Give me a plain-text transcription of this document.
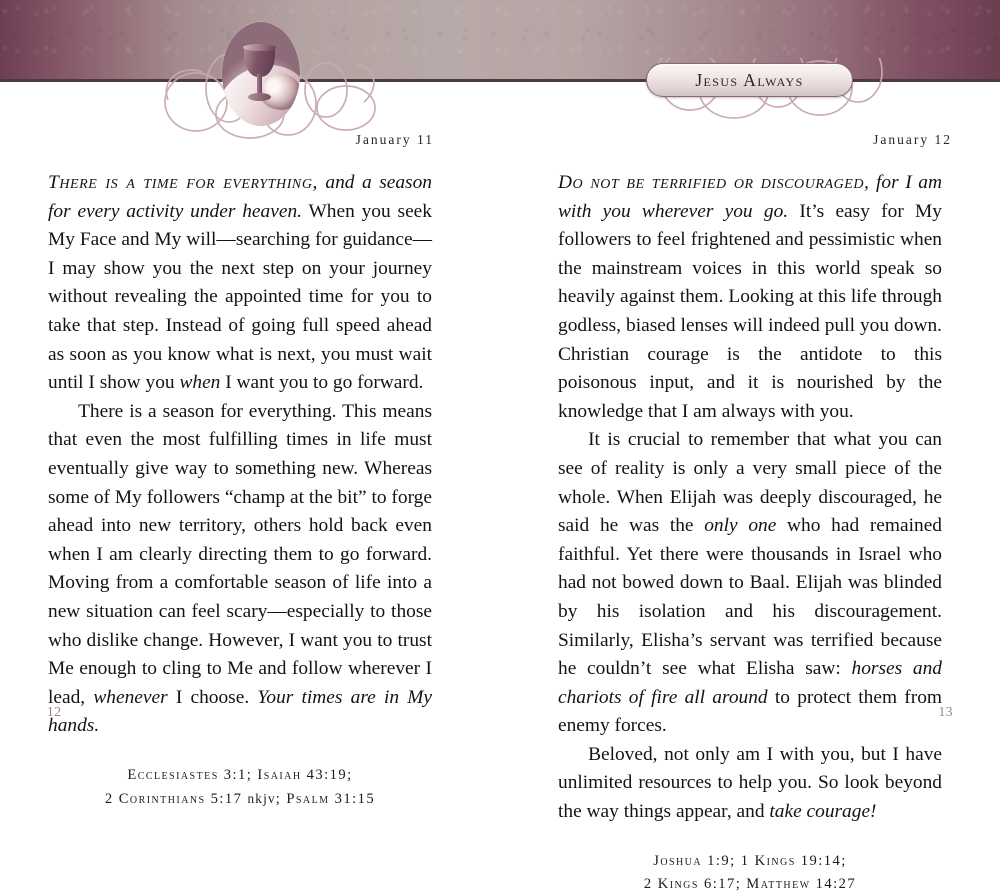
Jesus Always
January 11

There is a time for everything, and a season for every activity under heaven. When you seek My Face and My will—searching for guidance—I may show you the next step on your journey without revealing the appointed time for you to take that step. Instead of going full speed ahead as soon as you know what is next, you must wait until I show you when I want you to go forward.

There is a season for everything. This means that even the most fulfilling times in life must eventually give way to something new. Whereas some of My followers “champ at the bit” to forge ahead into new territory, others hold back even when I am clearly directing them to go forward. Moving from a comfortable season of life into a new situation can feel scary—especially to those who dislike change. However, I want you to trust Me enough to cling to Me and follow wherever I lead, whenever I choose. Your times are in My hands.

Ecclesiastes 3:1; Isaiah 43:19;
2 Corinthians 5:17 nkjv; Psalm 31:15
12
January 12

Do not be terrified or discouraged, for I am with you wherever you go. It’s easy for My followers to feel frightened and pessimistic when the mainstream voices in this world speak so heavily against them. Looking at this life through godless, biased lenses will indeed pull you down. Christian courage is the antidote to this poisonous input, and it is nourished by the knowledge that I am always with you.

It is crucial to remember that what you can see of reality is only a very small piece of the whole. When Elijah was deeply discouraged, he said he was the only one who had remained faithful. Yet there were thousands in Israel who had not bowed down to Baal. Elijah was blinded by his isolation and his discouragement. Similarly, Elisha’s servant was terrified because he couldn’t see what Elisha saw: horses and chariots of fire all around to protect them from enemy forces.

Beloved, not only am I with you, but I have unlimited resources to help you. So look beyond the way things appear, and take courage!

Joshua 1:9; 1 Kings 19:14;
2 Kings 6:17; Matthew 14:27
13
